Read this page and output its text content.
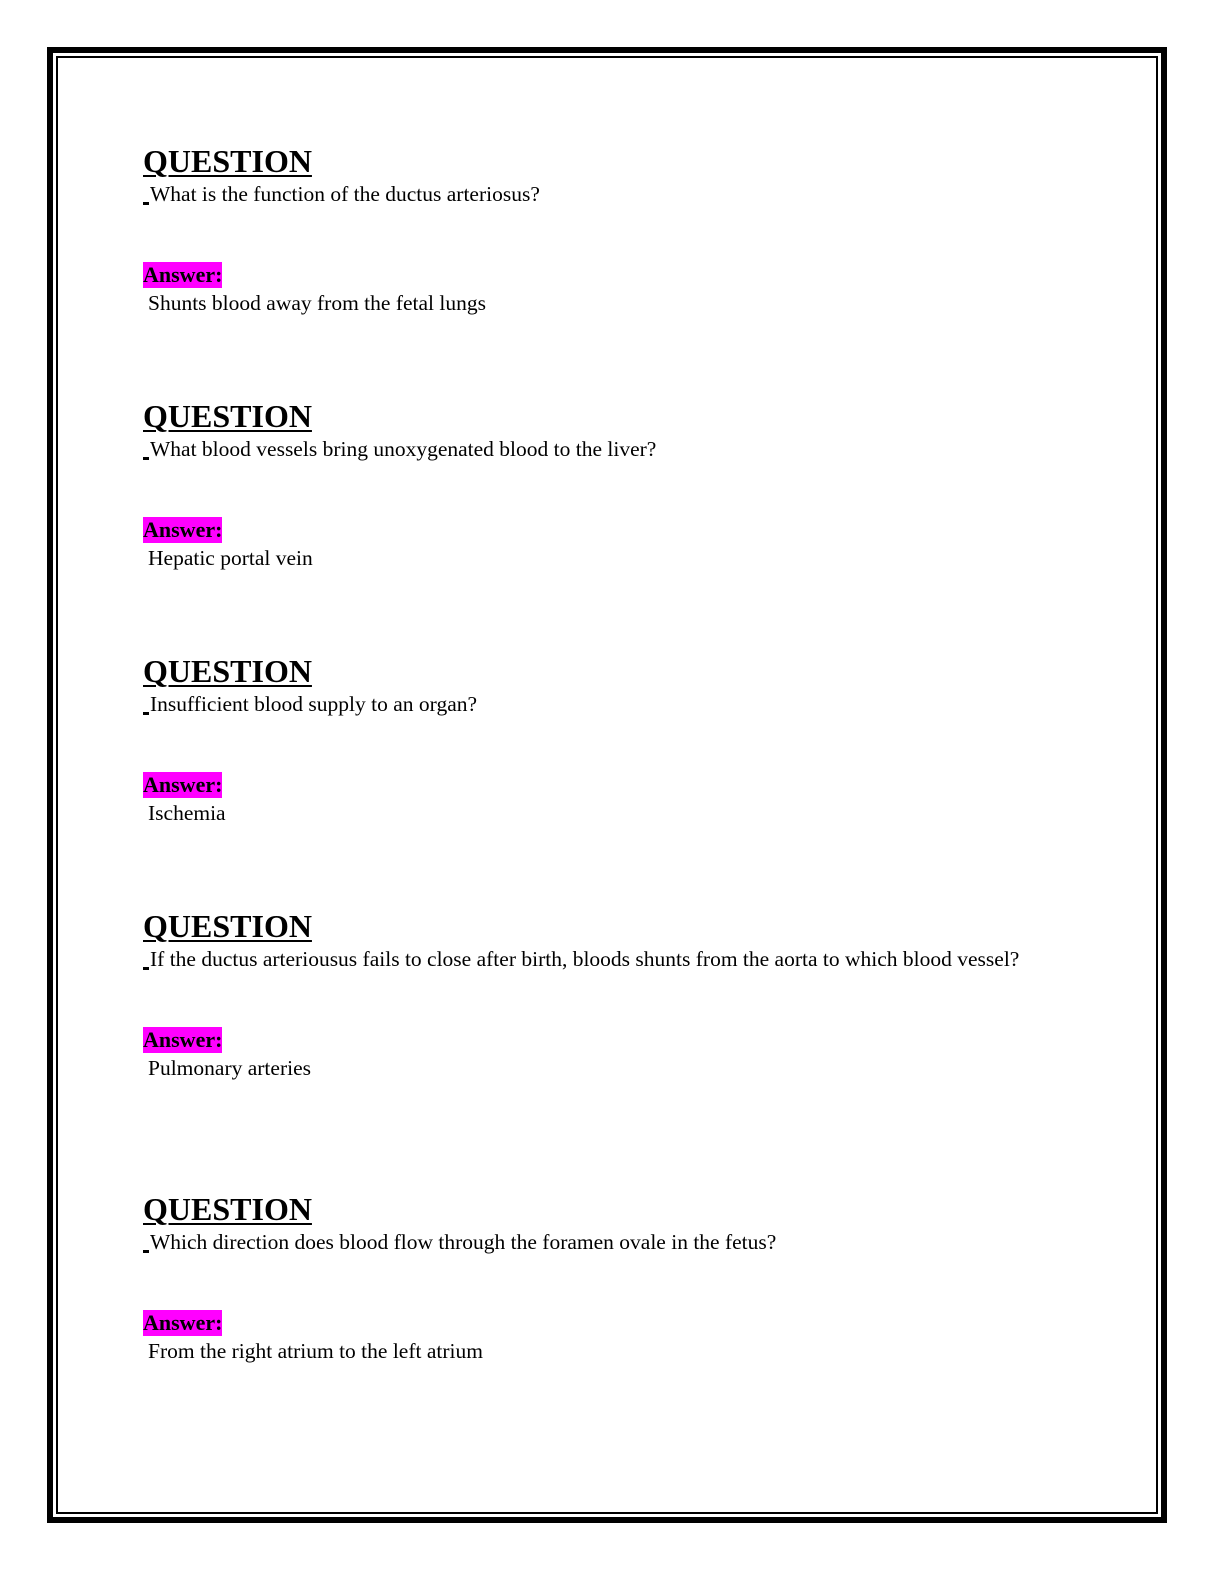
QUESTION
What is the function of the ductus arteriosus?
Answer:
Shunts blood away from the fetal lungs
QUESTION
What blood vessels bring unoxygenated blood to the liver?
Answer:
Hepatic portal vein
QUESTION
Insufficient blood supply to an organ?
Answer:
Ischemia
QUESTION
If the ductus arteriousus fails to close after birth, bloods shunts from the aorta to which blood vessel?
Answer:
Pulmonary arteries
QUESTION
Which direction does blood flow through the foramen ovale in the fetus?
Answer:
From the right atrium to the left atrium
